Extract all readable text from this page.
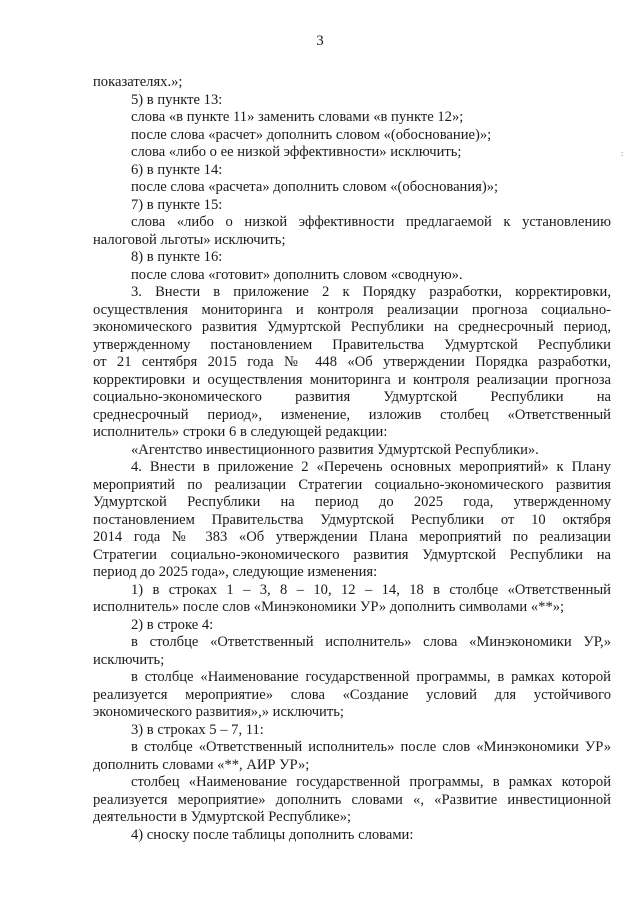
3
:
показателях.»;
5) в пункте 13:
слова «в пункте 11» заменить словами «в пункте 12»;
после слова «расчет» дополнить словом «(обоснование)»;
слова «либо о ее низкой эффективности» исключить;
6) в пункте 14:
после слова «расчета» дополнить словом «(обоснования)»;
7) в пункте 15:
слова «либо о низкой эффективности предлагаемой к установлению
налоговой льготы» исключить;
8) в пункте 16:
после слова «готовит» дополнить словом «сводную».
3. Внести в приложение 2 к Порядку разработки, корректировки,
осуществления мониторинга и контроля реализации прогноза социально-
экономического развития Удмуртской Республики на среднесрочный период,
утвержденному постановлением Правительства Удмуртской Республики
от 21 сентября 2015 года № 448 «Об утверждении Порядка разработки,
корректировки и осуществления мониторинга и контроля реализации прогноза
социально-экономического развития Удмуртской Республики на
среднесрочный период», изменение, изложив столбец «Ответственный
исполнитель» строки 6 в следующей редакции:
«Агентство инвестиционного развития Удмуртской Республики».
4. Внести в приложение 2 «Перечень основных мероприятий» к Плану
мероприятий по реализации Стратегии социально-экономического развития
Удмуртской Республики на период до 2025 года, утвержденному
постановлением Правительства Удмуртской Республики от 10 октября
2014 года № 383 «Об утверждении Плана мероприятий по реализации
Стратегии социально-экономического развития Удмуртской Республики на
период до 2025 года», следующие изменения:
1) в строках 1 – 3, 8 – 10, 12 – 14, 18 в столбце «Ответственный
исполнитель» после слов «Минэкономики УР» дополнить символами «**»;
2) в строке 4:
в столбце «Ответственный исполнитель» слова «Минэкономики УР,»
исключить;
в столбце «Наименование государственной программы, в рамках которой
реализуется мероприятие» слова «Создание условий для устойчивого
экономического развития»,» исключить;
3) в строках 5 – 7, 11:
в столбце «Ответственный исполнитель» после слов «Минэкономики УР»
дополнить словами «**, АИР УР»;
столбец «Наименование государственной программы, в рамках которой
реализуется мероприятие» дополнить словами «, «Развитие инвестиционной
деятельности в Удмуртской Республике»;
4) сноску после таблицы дополнить словами:
